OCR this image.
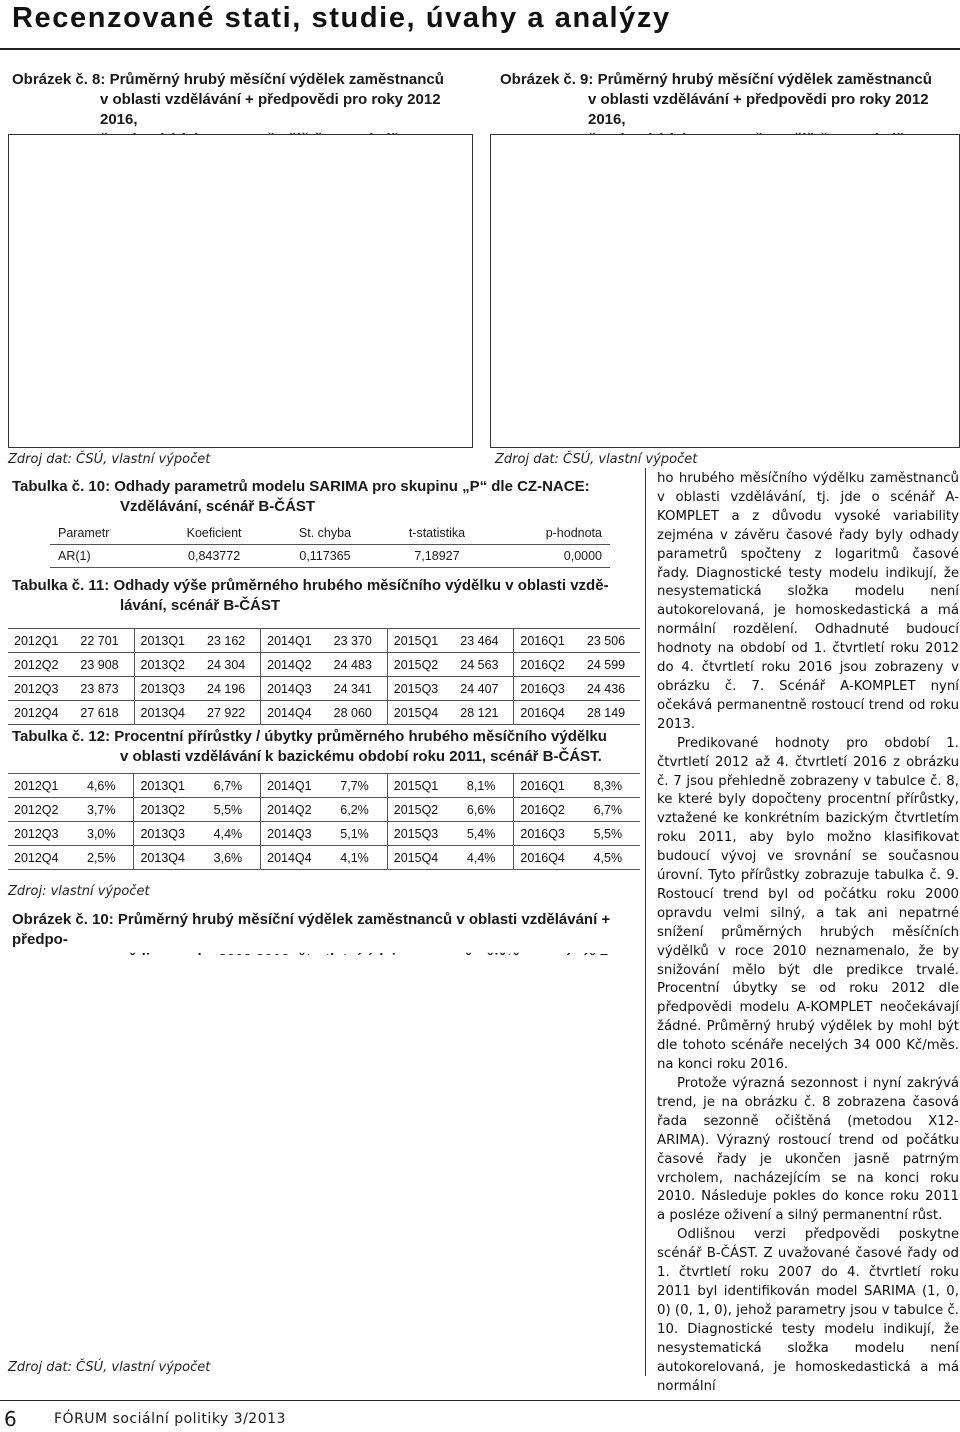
Recenzované stati, studie, úvahy a analýzy
Obrázek č. 8: Průměrný hrubý měsíční výdělek zaměstnanců
v oblasti vzdělávání + předpovědi pro roky 2012 2016,
Zdroj dat: ČSÚ, vlastní výpočet
Obrázek č. 9: Průměrný hrubý měsíční výdělek zaměstnanců
v oblasti vzdělávání + předpovědi pro roky 2012 2016,
Zdroj dat: ČSÚ, vlastní výpočet
Tabulka č. 10: Odhady parametrů modelu SARIMA pro skupinu „P“ dle CZ-NACE:
Vzdělávání, scénář B-ČÁST
Parametr	Koeficient	St. chyba	t-statistika	p-hodnota
AR(1)	0,843772	0,117365	7,18927	0,0000
Tabulka č. 11: Odhady výše průměrného hrubého měsíčního výdělku v oblasti vzdě-
lávání, scénář B-ČÁST
2012Q1	22 701	2013Q1	23 162	2014Q1	23 370	2015Q1	23 464	2016Q1	23 506
2012Q2	23 908	2013Q2	24 304	2014Q2	24 483	2015Q2	24 563	2016Q2	24 599
2012Q3	23 873	2013Q3	24 196	2014Q3	24 341	2015Q3	24 407	2016Q3	24 436
2012Q4	27 618	2013Q4	27 922	2014Q4	28 060	2015Q4	28 121	2016Q4	28 149
Tabulka č. 12: Procentní přírůstky / úbytky průměrného hrubého měsíčního výdělku
v oblasti vzdělávání k bazickému období roku 2011, scénář B-ČÁST.
2012Q1	4,6%	2013Q1	6,7%	2014Q1	7,7%	2015Q1	8,1%	2016Q1	8,3%
2012Q2	3,7%	2013Q2	5,5%	2014Q2	6,2%	2015Q2	6,6%	2016Q2	6,7%
2012Q3	3,0%	2013Q3	4,4%	2014Q3	5,1%	2015Q3	5,4%	2016Q3	5,5%
2012Q4	2,5%	2013Q4	3,6%	2014Q4	4,1%	2015Q4	4,4%	2016Q4	4,5%
Zdroj: vlastní výpočet
Obrázek č. 10: Průměrný hrubý měsíční výdělek zaměstnanců v oblasti vzdělávání + předpo-
Zdroj dat: ČSÚ, vlastní výpočet

ho hrubého měsíčního výdělku zaměstnanců v oblasti vzdělávání, tj. jde o scénář A-KOMPLET a z důvodu vysoké variability zejména v závěru časové řady byly odhady parametrů spočteny z logaritmů časové řady. Diagnostické testy modelu indikují, že nesystematická složka modelu není autokorelovaná, je homoskedastická a má normální rozdělení. Odhadnuté budoucí hodnoty na období od 1. čtvrtletí roku 2012 do 4. čtvrtletí roku 2016 jsou zobrazeny v obrázku č. 7. Scénář A-KOMPLET nyní očekává permanentně rostoucí trend od roku 2013.

Predikované hodnoty pro období 1. čtvrtletí 2012 až 4. čtvrtletí 2016 z obrázku č. 7 jsou přehledně zobrazeny v tabulce č. 8, ke které byly dopočteny procentní přírůstky, vztažené ke konkrétním bazickým čtvrtletím roku 2011, aby bylo možno klasifikovat budoucí vývoj ve srovnání se současnou úrovní. Tyto přírůstky zobrazuje tabulka č. 9. Rostoucí trend byl od počátku roku 2000 opravdu velmi silný, a tak ani nepatrné snížení průměrných hrubých měsíčních výdělků v roce 2010 neznamenalo, že by snižování mělo být dle predikce trvalé. Procentní úbytky se od roku 2012 dle předpovědi modelu A-KOMPLET neočekávají žádné. Průměrný hrubý výdělek by mohl být dle tohoto scénáře necelých 34 000 Kč/měs. na konci roku 2016.

Protože výrazná sezonnost i nyní zakrývá trend, je na obrázku č. 8 zobrazena časová řada sezonně očištěná (metodou X12-ARIMA). Výrazný rostoucí trend od počátku časové řady je ukončen jasně patrným vrcholem, nacházejícím se na konci roku 2010. Následuje pokles do konce roku 2011 a posléze oživení a silný permanentní růst.

Odlišnou verzi předpovědi poskytne scénář B-ČÁST. Z uvažované časové řady od 1. čtvrtletí roku 2007 do 4. čtvrtletí roku 2011 byl identifikován model SARIMA (1, 0, 0) (0, 1, 0), jehož parametry jsou v tabulce č. 10. Diagnostické testy modelu indikují, že nesystematická složka modelu není autokorelovaná, je homoskedastická a má normální

6	FÓRUM sociální politiky 3/2013
